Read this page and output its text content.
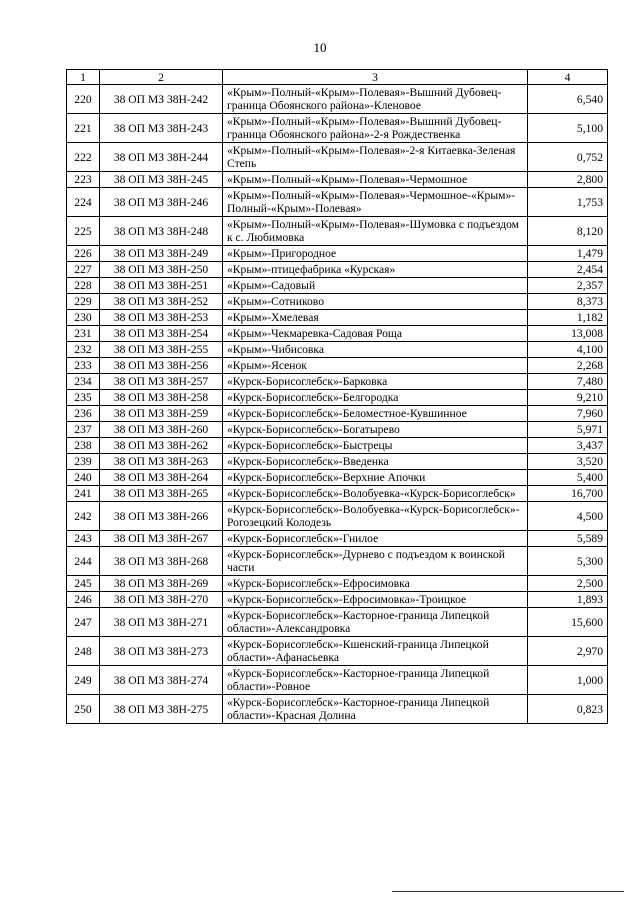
10
1	2	3	4
220	38 ОП МЗ 38Н-242	«Крым»-Полный-«Крым»-Полевая»-Вышний Дубовец-граница Обоянского района»-Кленовое	6,540
221	38 ОП МЗ 38Н-243	«Крым»-Полный-«Крым»-Полевая»-Вышний Дубовец-граница Обоянского района»-2-я Рождественка	5,100
222	38 ОП МЗ 38Н-244	«Крым»-Полный-«Крым»-Полевая»-2-я Китаевка-Зеленая Степь	0,752
223	38 ОП МЗ 38Н-245	«Крым»-Полный-«Крым»-Полевая»-Чермошное	2,800
224	38 ОП МЗ 38Н-246	«Крым»-Полный-«Крым»-Полевая»-Чермошное-«Крым»-Полный-«Крым»-Полевая»	1,753
225	38 ОП МЗ 38Н-248	«Крым»-Полный-«Крым»-Полевая»-Шумовка с подъездом к с. Любимовка	8,120
226	38 ОП МЗ 38Н-249	«Крым»-Пригородное	1,479
227	38 ОП МЗ 38Н-250	«Крым»-птицефабрика «Курская»	2,454
228	38 ОП МЗ 38Н-251	«Крым»-Садовый	2,357
229	38 ОП МЗ 38Н-252	«Крым»-Сотниково	8,373
230	38 ОП МЗ 38Н-253	«Крым»-Хмелевая	1,182
231	38 ОП МЗ 38Н-254	«Крым»-Чекмаревка-Садовая Роща	13,008
232	38 ОП МЗ 38Н-255	«Крым»-Чибисовка	4,100
233	38 ОП МЗ 38Н-256	«Крым»-Ясенок	2,268
234	38 ОП МЗ 38Н-257	«Курск-Борисоглебск»-Барковка	7,480
235	38 ОП МЗ 38Н-258	«Курск-Борисоглебск»-Белгородка	9,210
236	38 ОП МЗ 38Н-259	«Курск-Борисоглебск»-Беломестное-Кувшинное	7,960
237	38 ОП МЗ 38Н-260	«Курск-Борисоглебск»-Богатырево	5,971
238	38 ОП МЗ 38Н-262	«Курск-Борисоглебск»-Быстрецы	3,437
239	38 ОП МЗ 38Н-263	«Курск-Борисоглебск»-Введенка	3,520
240	38 ОП МЗ 38Н-264	«Курск-Борисоглебск»-Верхние Апочки	5,400
241	38 ОП МЗ 38Н-265	«Курск-Борисоглебск»-Волобуевка-«Курск-Борисоглебск»	16,700
242	38 ОП МЗ 38Н-266	«Курск-Борисоглебск»-Волобуевка-«Курск-Борисоглебск»-Рогозецкий Колодезь	4,500
243	38 ОП МЗ 38Н-267	«Курск-Борисоглебск»-Гнилое	5,589
244	38 ОП МЗ 38Н-268	«Курск-Борисоглебск»-Дурнево с подъездом к воинской части	5,300
245	38 ОП МЗ 38Н-269	«Курск-Борисоглебск»-Ефросимовка	2,500
246	38 ОП МЗ 38Н-270	«Курск-Борисоглебск»-Ефросимовка»-Троицкое	1,893
247	38 ОП МЗ 38Н-271	«Курск-Борисоглебск»-Касторное-граница Липецкой области»-Александровка	15,600
248	38 ОП МЗ 38Н-273	«Курск-Борисоглебск»-Кшенский-граница Липецкой области»-Афанасьевка	2,970
249	38 ОП МЗ 38Н-274	«Курск-Борисоглебск»-Касторное-граница Липецкой области»-Ровное	1,000
250	38 ОП МЗ 38Н-275	«Курск-Борисоглебск»-Касторное-граница Липецкой области»-Красная Долина	0,823
